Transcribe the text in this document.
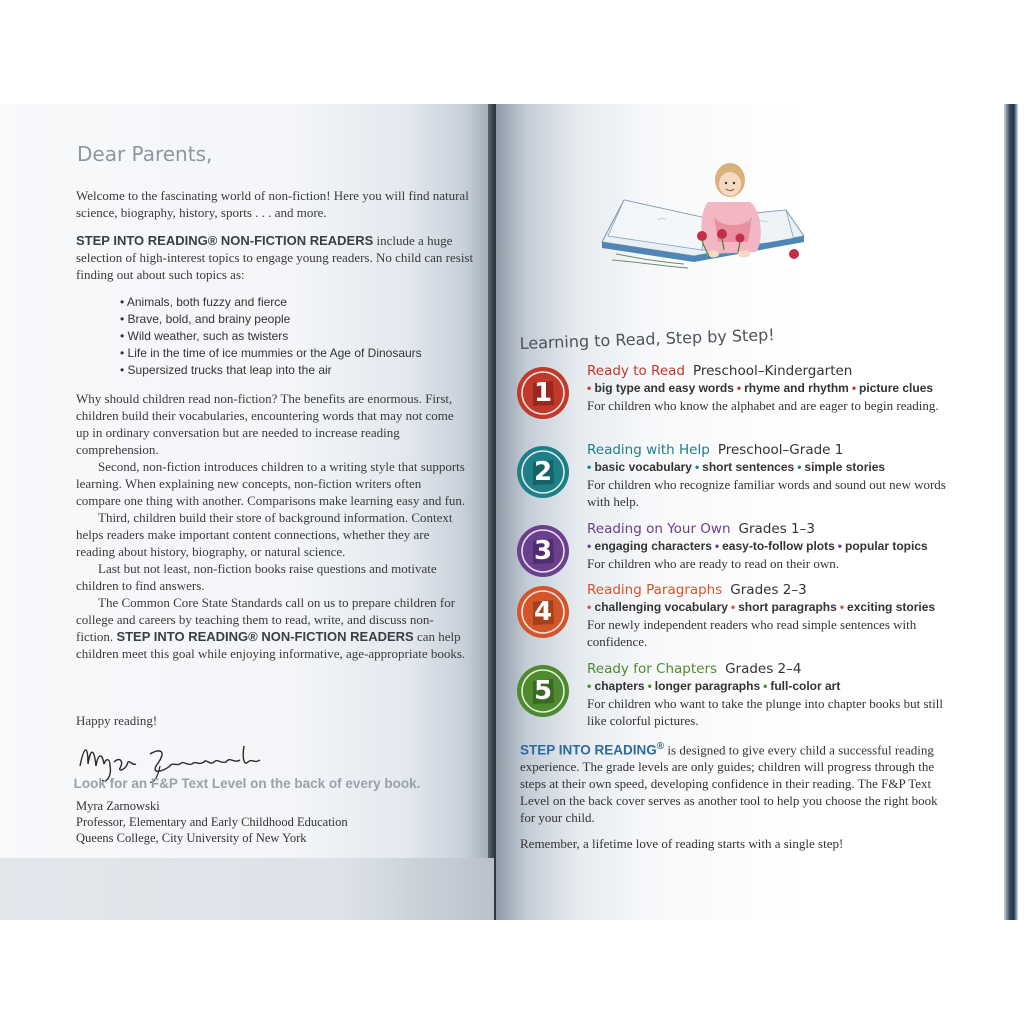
Dear Parents,
Welcome to the fascinating world of non-fiction! Here you will find natural science, biography, history, sports . . . and more.
STEP INTO READING® NON-FICTION READERS include a huge selection of high-interest topics to engage young readers. No child can resist finding out about such topics as:
• Animals, both fuzzy and fierce
• Brave, bold, and brainy people
• Wild weather, such as twisters
• Life in the time of ice mummies or the Age of Dinosaurs
• Supersized trucks that leap into the air
Why should children read non-fiction? The benefits are enormous. First, children build their vocabularies, encountering words that may not come up in ordinary conversation but are needed to increase reading comprehension.
Second, non-fiction introduces children to a writing style that supports learning. When explaining new concepts, non-fiction writers often compare one thing with another. Comparisons make learning easy and fun.
Third, children build their store of background information. Context helps readers make important content connections, whether they are reading about history, biography, or natural science.
Last but not least, non-fiction books raise questions and motivate children to find answers.
The Common Core State Standards call on us to prepare children for college and careers by teaching them to read, write, and discuss non-fiction. STEP INTO READING® NON-FICTION READERS can help children meet this goal while enjoying informative, age-appropriate books.
Happy reading!
Myra Zarnowski
Professor, Elementary and Early Childhood Education
Queens College, City University of New York
Look for an F&P Text Level on the back of every book.
Learning to Read, Step by Step!
1
Ready to Read Preschool–Kindergarten
• big type and easy words • rhyme and rhythm • picture clues
For children who know the alphabet and are eager to begin reading.
2
Reading with Help Preschool–Grade 1
• basic vocabulary • short sentences • simple stories
For children who recognize familiar words and sound out new words with help.
3
Reading on Your Own Grades 1–3
• engaging characters • easy-to-follow plots • popular topics
For children who are ready to read on their own.
4
Reading Paragraphs Grades 2–3
• challenging vocabulary • short paragraphs • exciting stories
For newly independent readers who read simple sentences with confidence.
5
Ready for Chapters Grades 2–4
• chapters • longer paragraphs • full-color art
For children who want to take the plunge into chapter books but still like colorful pictures.
STEP INTO READING® is designed to give every child a successful reading experience. The grade levels are only guides; children will progress through the steps at their own speed, developing confidence in their reading. The F&P Text Level on the back cover serves as another tool to help you choose the right book for your child.
Remember, a lifetime love of reading starts with a single step!
